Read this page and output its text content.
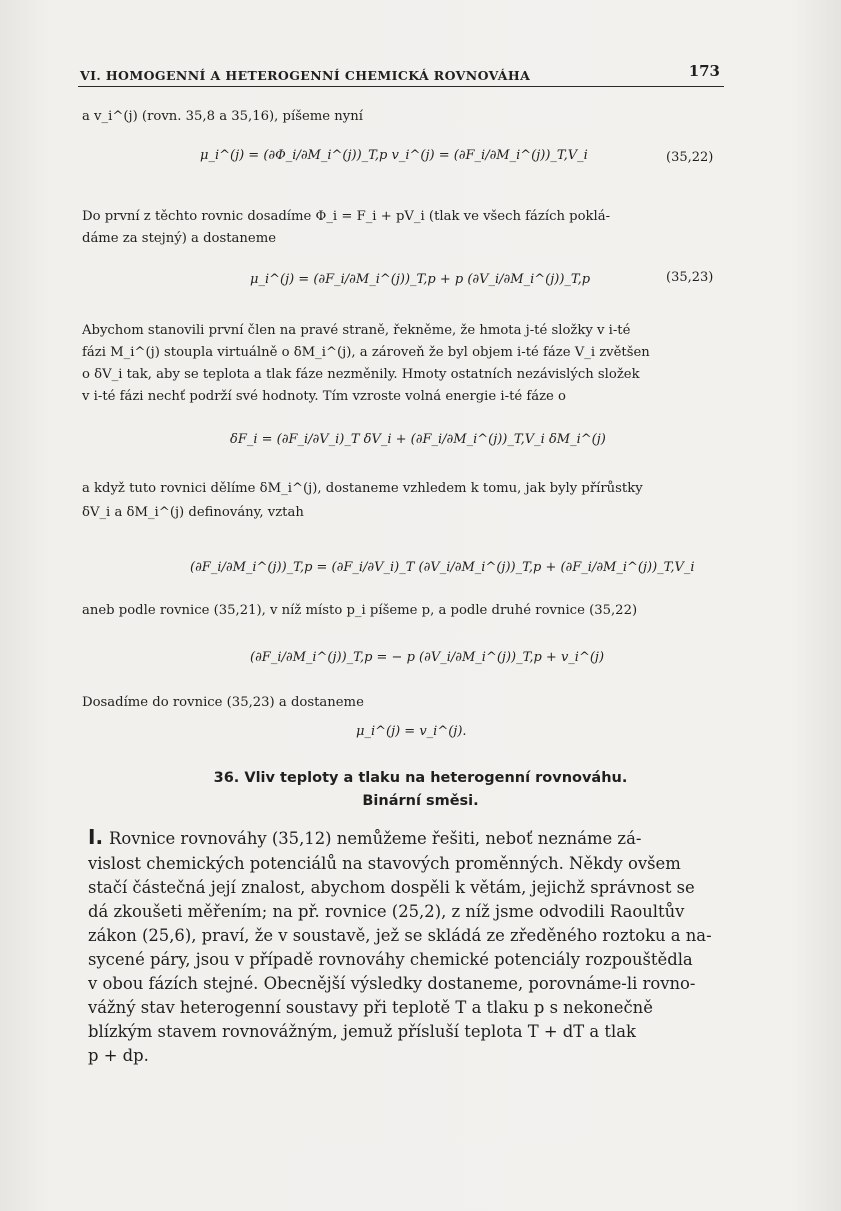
VI. HOMOGENNÍ A HETEROGENNÍ CHEMICKÁ ROVNOVÁHA	173
a v_i^(j) (rovn. 35,8 a 35,16), píšeme nyní
μ_i^(j) = (∂Φ_i/∂M_i^(j))_T,p v_i^(j) = (∂F_i/∂M_i^(j))_T,V_i	(35,22)
Do první z těchto rovnic dosadíme Φ_i = F_i + pV_i (tlak ve všech fázích poklá-
dáme za stejný) a dostaneme
μ_i^(j) = (∂F_i/∂M_i^(j))_T,p + p (∂V_i/∂M_i^(j))_T,p	(35,23)
Abychom stanovili první člen na pravé straně, řekněme, že hmota j-té složky v i-té
fázi M_i^(j) stoupla virtuálně o δM_i^(j), a zároveň že byl objem i-té fáze V_i zvětšen
o δV_i tak, aby se teplota a tlak fáze nezměnily. Hmoty ostatních nezávislých složek
v i-té fázi nechť podrží své hodnoty. Tím vzroste volná energie i-té fáze o
δF_i = (∂F_i/∂V_i)_T δV_i + (∂F_i/∂M_i^(j))_T,V_i δM_i^(j)
a když tuto rovnici dělíme δM_i^(j), dostaneme vzhledem k tomu, jak byly přírůstky
δV_i a δM_i^(j) definovány, vztah
(∂F_i/∂M_i^(j))_T,p = (∂F_i/∂V_i)_T (∂V_i/∂M_i^(j))_T,p + (∂F_i/∂M_i^(j))_T,V_i
aneb podle rovnice (35,21), v níž místo p_i píšeme p, a podle druhé rovnice (35,22)
(∂F_i/∂M_i^(j))_T,p = − p (∂V_i/∂M_i^(j))_T,p + v_i^(j)
Dosadíme do rovnice (35,23) a dostaneme
μ_i^(j) = v_i^(j).
36. Vliv teploty a tlaku na heterogenní rovnováhu.
Binární směsi.
I. Rovnice rovnováhy (35,12) nemůžeme řešiti, neboť neznáme zá-
vislost chemických potenciálů na stavových proměnných. Někdy ovšem
stačí částečná její znalost, abychom dospěli k větám, jejichž správnost se
dá zkoušeti měřením; na př. rovnice (25,2), z níž jsme odvodili Raoultův
zákon (25,6), praví, že v soustavě, jež se skládá ze zředěného roztoku a na-
sycené páry, jsou v případě rovnováhy chemické potenciály rozpouštědla
v obou fázích stejné. Obecnější výsledky dostaneme, porovnáme-li rovno-
vážný stav heterogenní soustavy při teplotě T a tlaku p s nekonečně
blízkým stavem rovnovážným, jemuž přísluší teplota T + dT a tlak
p + dp.
